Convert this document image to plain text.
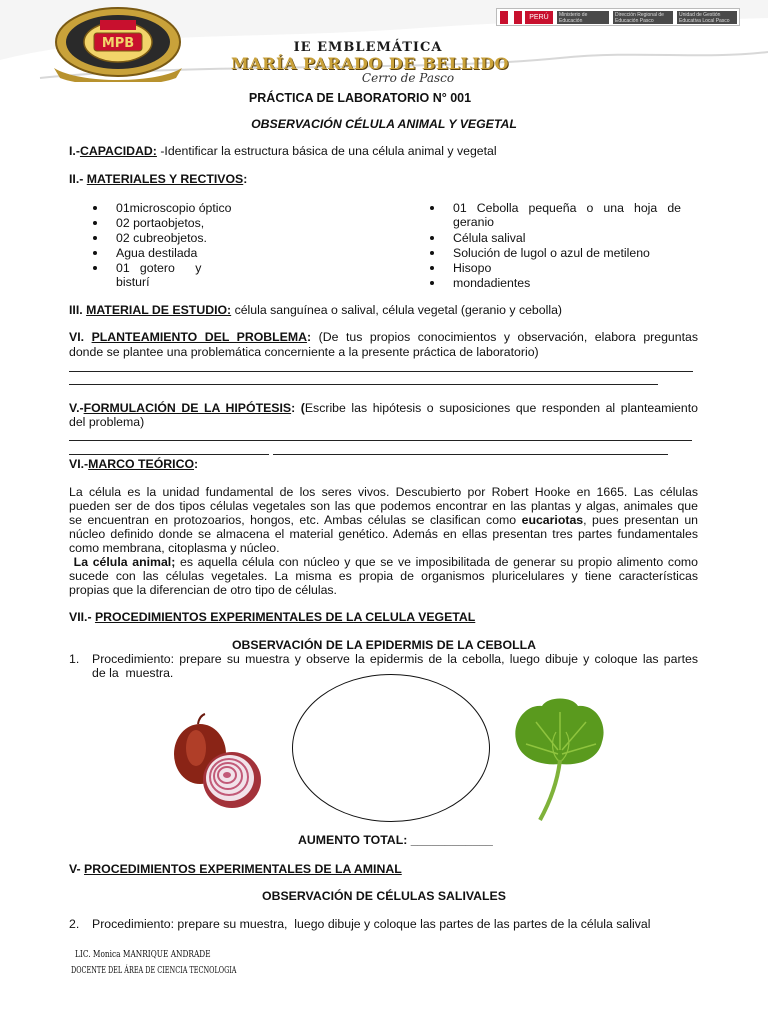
PERÚ	Ministerio de Educación
Dirección Regional de Educación Pasco
Unidad de Gestión Educativa Local Pasco
MPB	IE EMBLEMÁTICA
MARÍA PARADO DE BELLIDO
Cerro de Pasco
PRÁCTICA DE LABORATORIO N° 001
OBSERVACIÓN CÉLULA ANIMAL Y VEGETAL
I.-CAPACIDAD: -Identificar la estructura básica de una célula animal y vegetal
II.- MATERIALES Y RECTIVOS:
01microscopio óptico
02 portaobjetos,
02 cubreobjetos.
Agua destilada
01   gotero      y
bisturí
01  Cebolla  pequeña  o  una  hoja  de
geranio
Célula salival
Solución de lugol o azul de metileno
Hisopo
mondadientes
III. MATERIAL DE ESTUDIO: célula sanguínea o salival, célula vegetal (geranio y cebolla)
VI. PLANTEAMIENTO DEL PROBLEMA: (De tus propios conocimientos y observación, elabora preguntas
donde se plantee una problemática concerniente a la presente práctica de laboratorio)
V.-FORMULACIÓN DE LA HIPÓTESIS: (Escribe las hipótesis o suposiciones que responden al planteamiento
del problema)
VI.-MARCO TEÓRICO:
La célula es la unidad fundamental de los seres vivos. Descubierto por Robert Hooke en 1665. Las células
pueden ser de dos tipos células vegetales son las que podemos encontrar en las plantas y algas, animales que
se encuentran en protozoarios, hongos, etc. Ambas células se clasifican como eucariotas, pues presentan un
núcleo definido donde se almacena el material genético. Además en ellas presentan tres partes fundamentales
como membrana, citoplasma y núcleo.
La célula animal; es aquella célula con núcleo y que se ve imposibilitada de generar su propio alimento como
sucede con las células vegetales. La misma es propia de organismos pluricelulares y tiene características
propias que la diferencian de otro tipo de células.
VII.- PROCEDIMIENTOS EXPERIMENTALES DE LA CELULA VEGETAL
OBSERVACIÓN DE LA EPIDERMIS DE LA CEBOLLA
1. Procedimiento: prepare su muestra y observe la epidermis de la cebolla, luego dibuje y coloque las partes
de la  muestra.
AUMENTO TOTAL: ____________
V- PROCEDIMIENTOS EXPERIMENTALES DE LA AMINAL
OBSERVACIÓN DE CÉLULAS SALIVALES
2. Procedimiento: prepare su muestra,  luego dibuje y coloque las partes de las partes de la célula salival
LIC. Monica MANRIQUE ANDRADE
DOCENTE DEL ÁREA DE CIENCIA TECNOLOGIA
